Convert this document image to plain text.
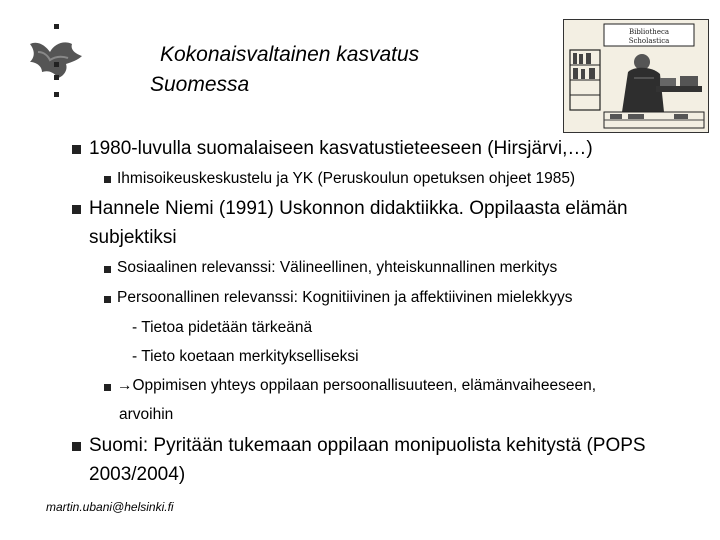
Kokonaisvaltainen kasvatus
Suomessa
Bibliotheca
Scholastica
1980-luvulla suomalaiseen kasvatustieteeseen (Hirsjärvi,…)
Ihmisoikeuskeskustelu ja YK (Peruskoulun opetuksen ohjeet 1985)
Hannele Niemi (1991) Uskonnon didaktiikka. Oppilaasta elämän
subjektiksi
Sosiaalinen relevanssi: Välineellinen, yhteiskunnallinen merkitys
Persoonallinen relevanssi: Kognitiivinen ja affektiivinen mielekkyys
- Tietoa pidetään tärkeänä
- Tieto koetaan merkitykselliseksi
→Oppimisen yhteys oppilaan persoonallisuuteen, elämänvaiheeseen,
arvoihin
Suomi: Pyritään tukemaan oppilaan monipuolista kehitystä (POPS
2003/2004)
martin.ubani@helsinki.fi
